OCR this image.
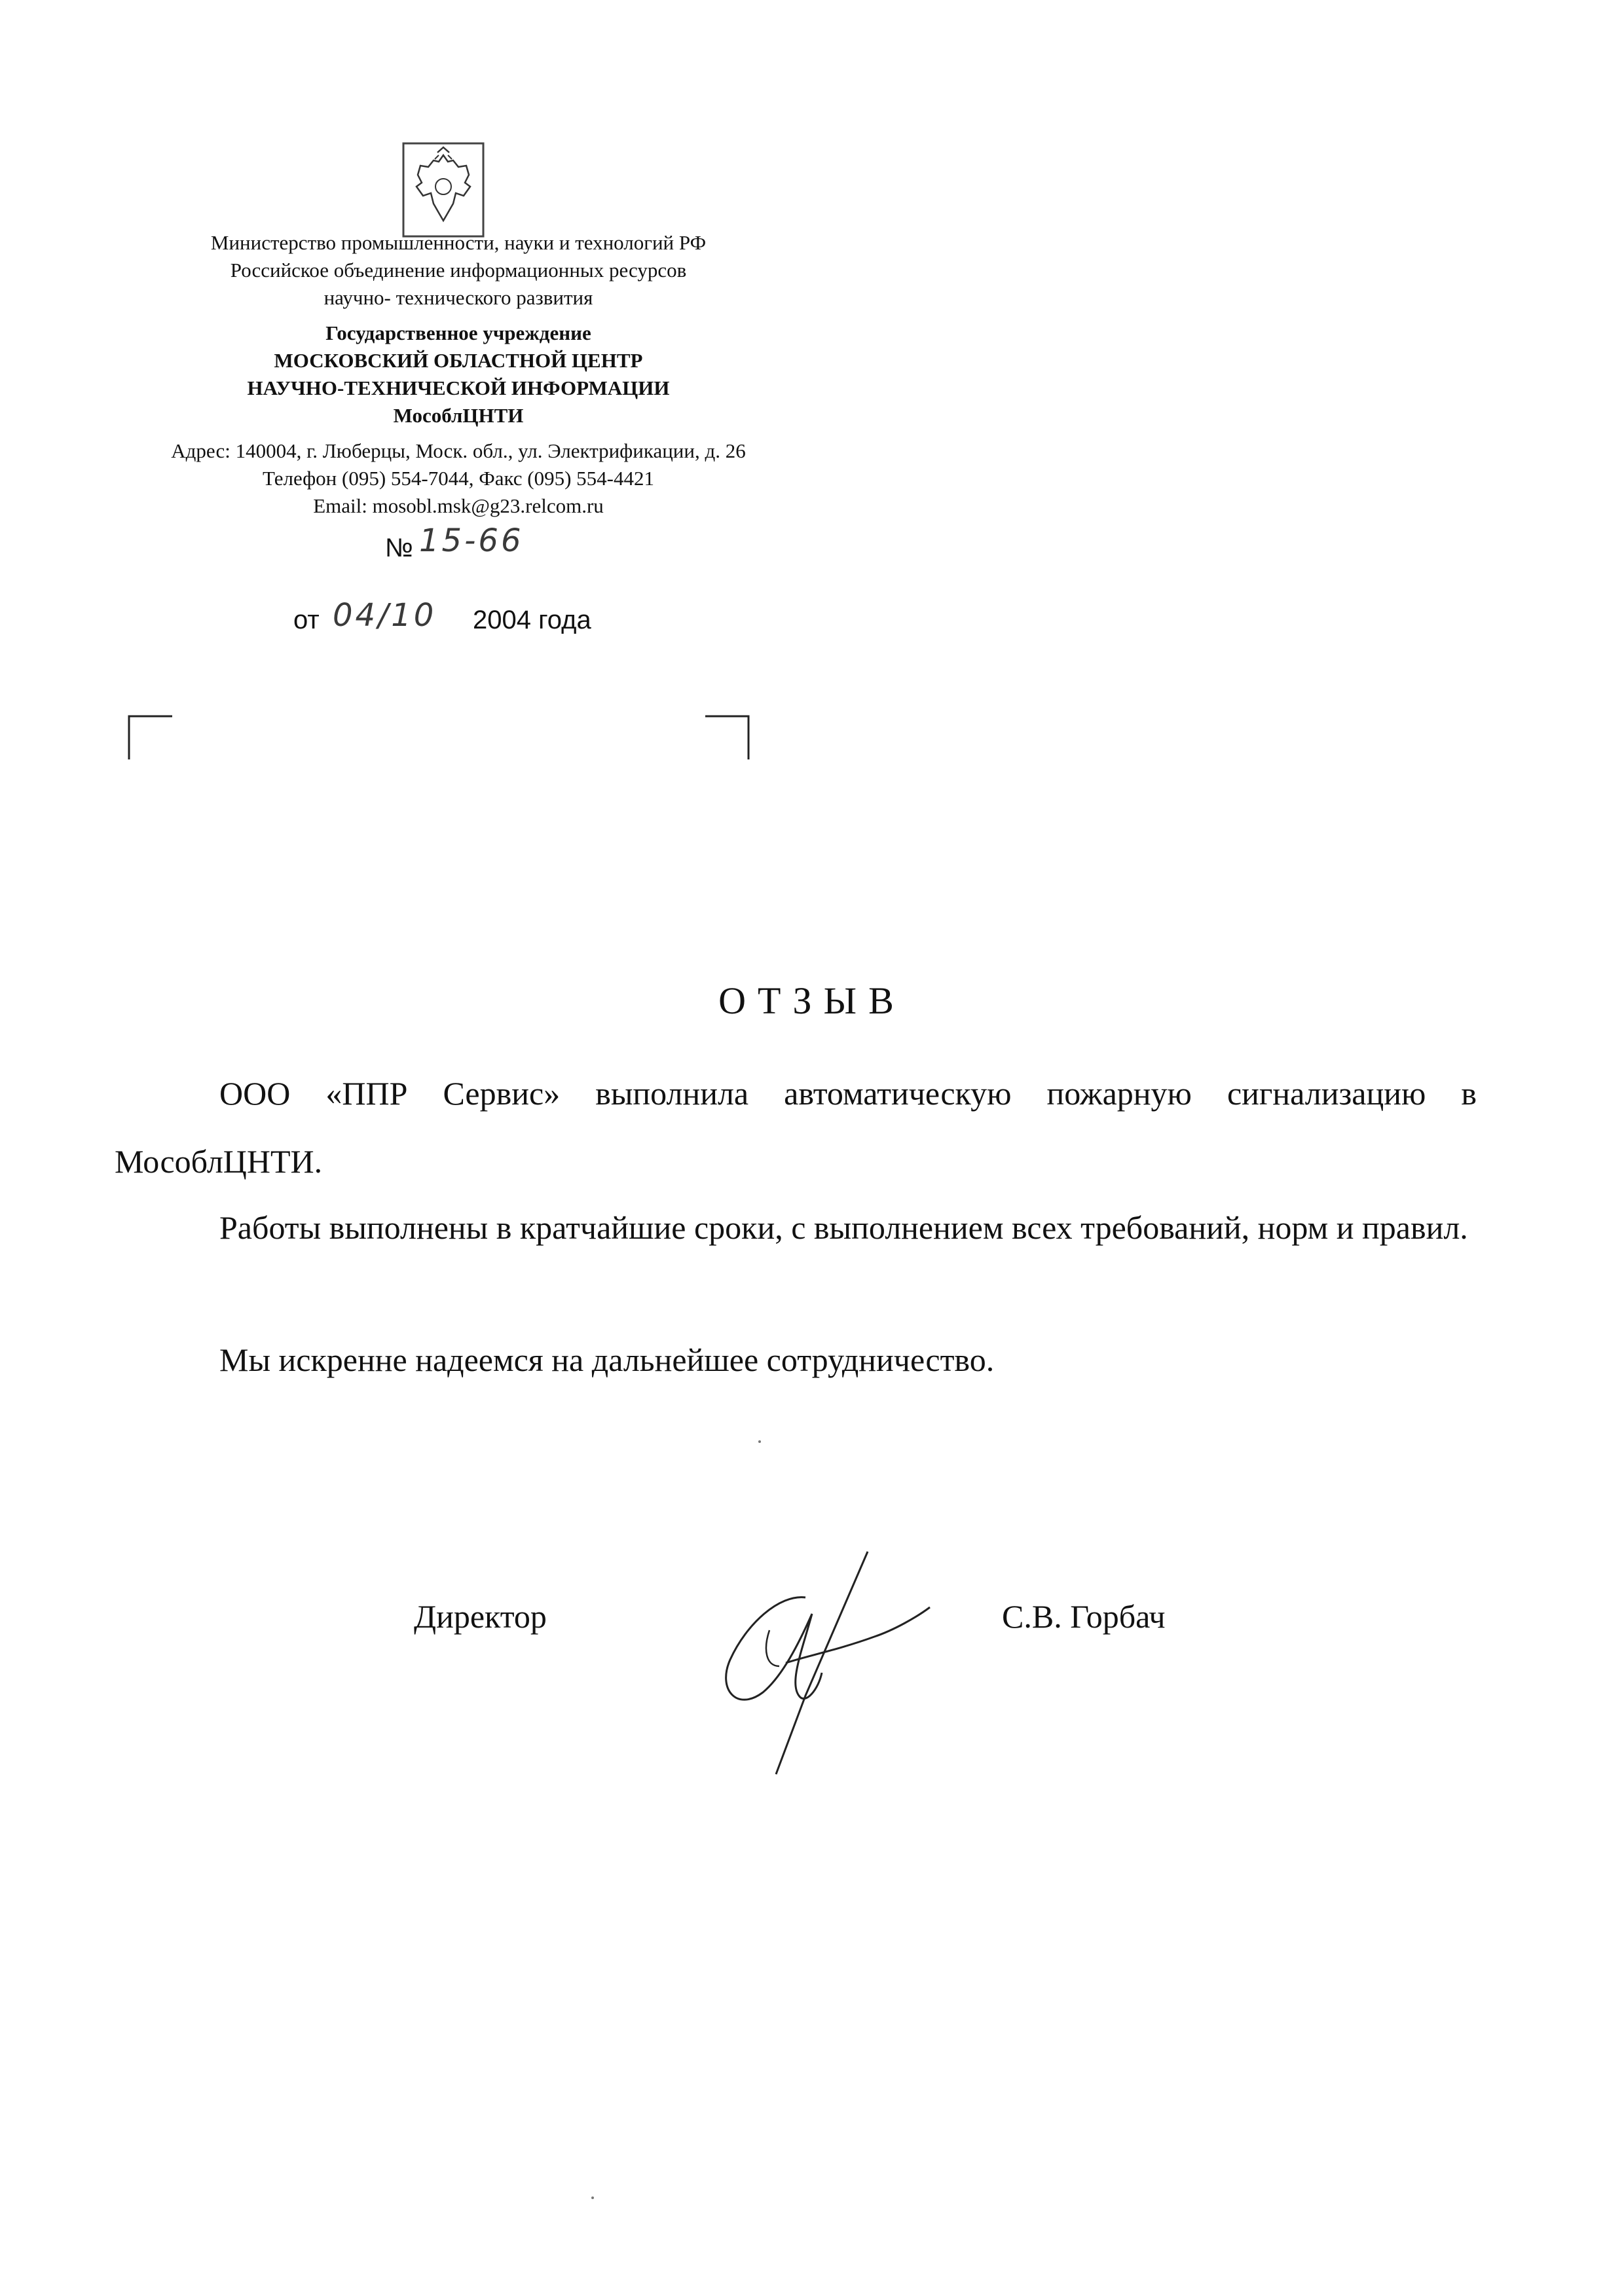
Министерство промышленности, науки и технологий РФ
Российское объединение информационных ресурсов
научно- технического развития
Государственное учреждение
МОСКОВСКИЙ ОБЛАСТНОЙ ЦЕНТР
НАУЧНО-ТЕХНИЧЕСКОЙ ИНФОРМАЦИИ
МособлЦНТИ
Адрес: 140004, г. Люберцы, Моск. обл., ул. Электрификации, д. 26
Телефон (095) 554-7044, Факс (095) 554-4421
Email: mosobl.msk@g23.relcom.ru
№ 15-66
от 04/10 2004 года
ОТЗЫВ
ООО «ППР Сервис» выполнила автоматическую пожарную сигнализацию в МособлЦНТИ.
Работы выполнены в кратчайшие сроки, с выполнением всех требований, норм и правил.
Мы искренне надеемся на дальнейшее сотрудничество.
Директор	С.В. Горбач
